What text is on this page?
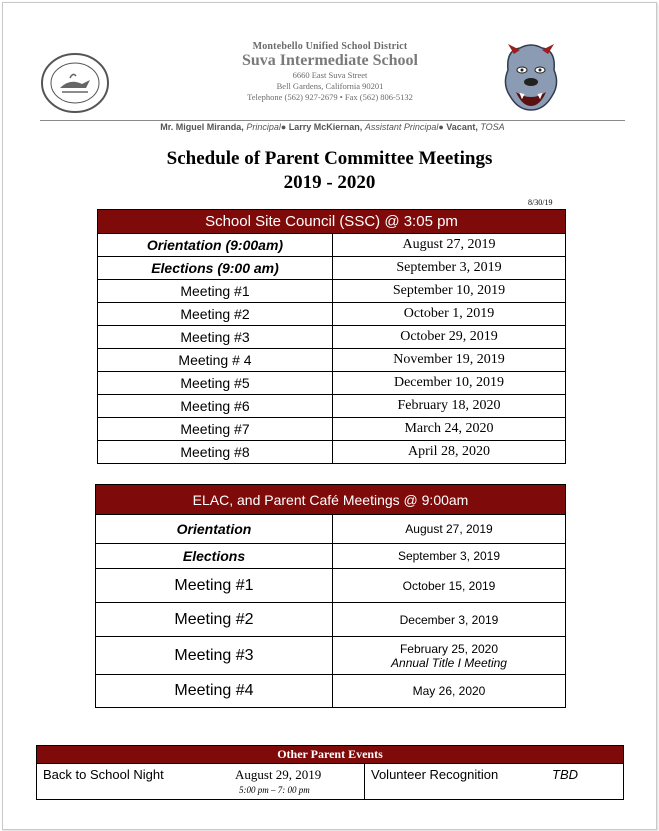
Montebello Unified School District
Suva Intermediate School
6660 East Suva Street
Bell Gardens, California 90201
Telephone (562) 927-2679 • Fax (562) 806-5132
Mr. Miguel Miranda, Principal● Larry McKiernan, Assistant Principal● Vacant, TOSA
Schedule of Parent Committee Meetings
2019 - 2020
8/30/19
School Site Council (SSC) @ 3:05 pm	
Orientation (9:00am)	August 27, 2019
Elections (9:00 am)	September 3, 2019
Meeting #1	September 10, 2019
Meeting #2	October 1, 2019
Meeting #3	October 29, 2019
Meeting # 4	November 19, 2019
Meeting #5	December 10, 2019
Meeting #6	February 18, 2020
Meeting #7	March 24, 2020
Meeting #8	April 28, 2020
ELAC, and Parent Café Meetings @ 9:00am	
Orientation	August 27, 2019
Elections	September 3, 2019
Meeting #1	October 15, 2019
Meeting #2	December 3, 2019
Meeting #3	February 25, 2020
Annual Title I Meeting

Meeting #4	May 26, 2020
Other Parent Events

Back to School Night	August 29, 2019
5:00 pm – 7: 00 pm

Volunteer Recognition	TBD
